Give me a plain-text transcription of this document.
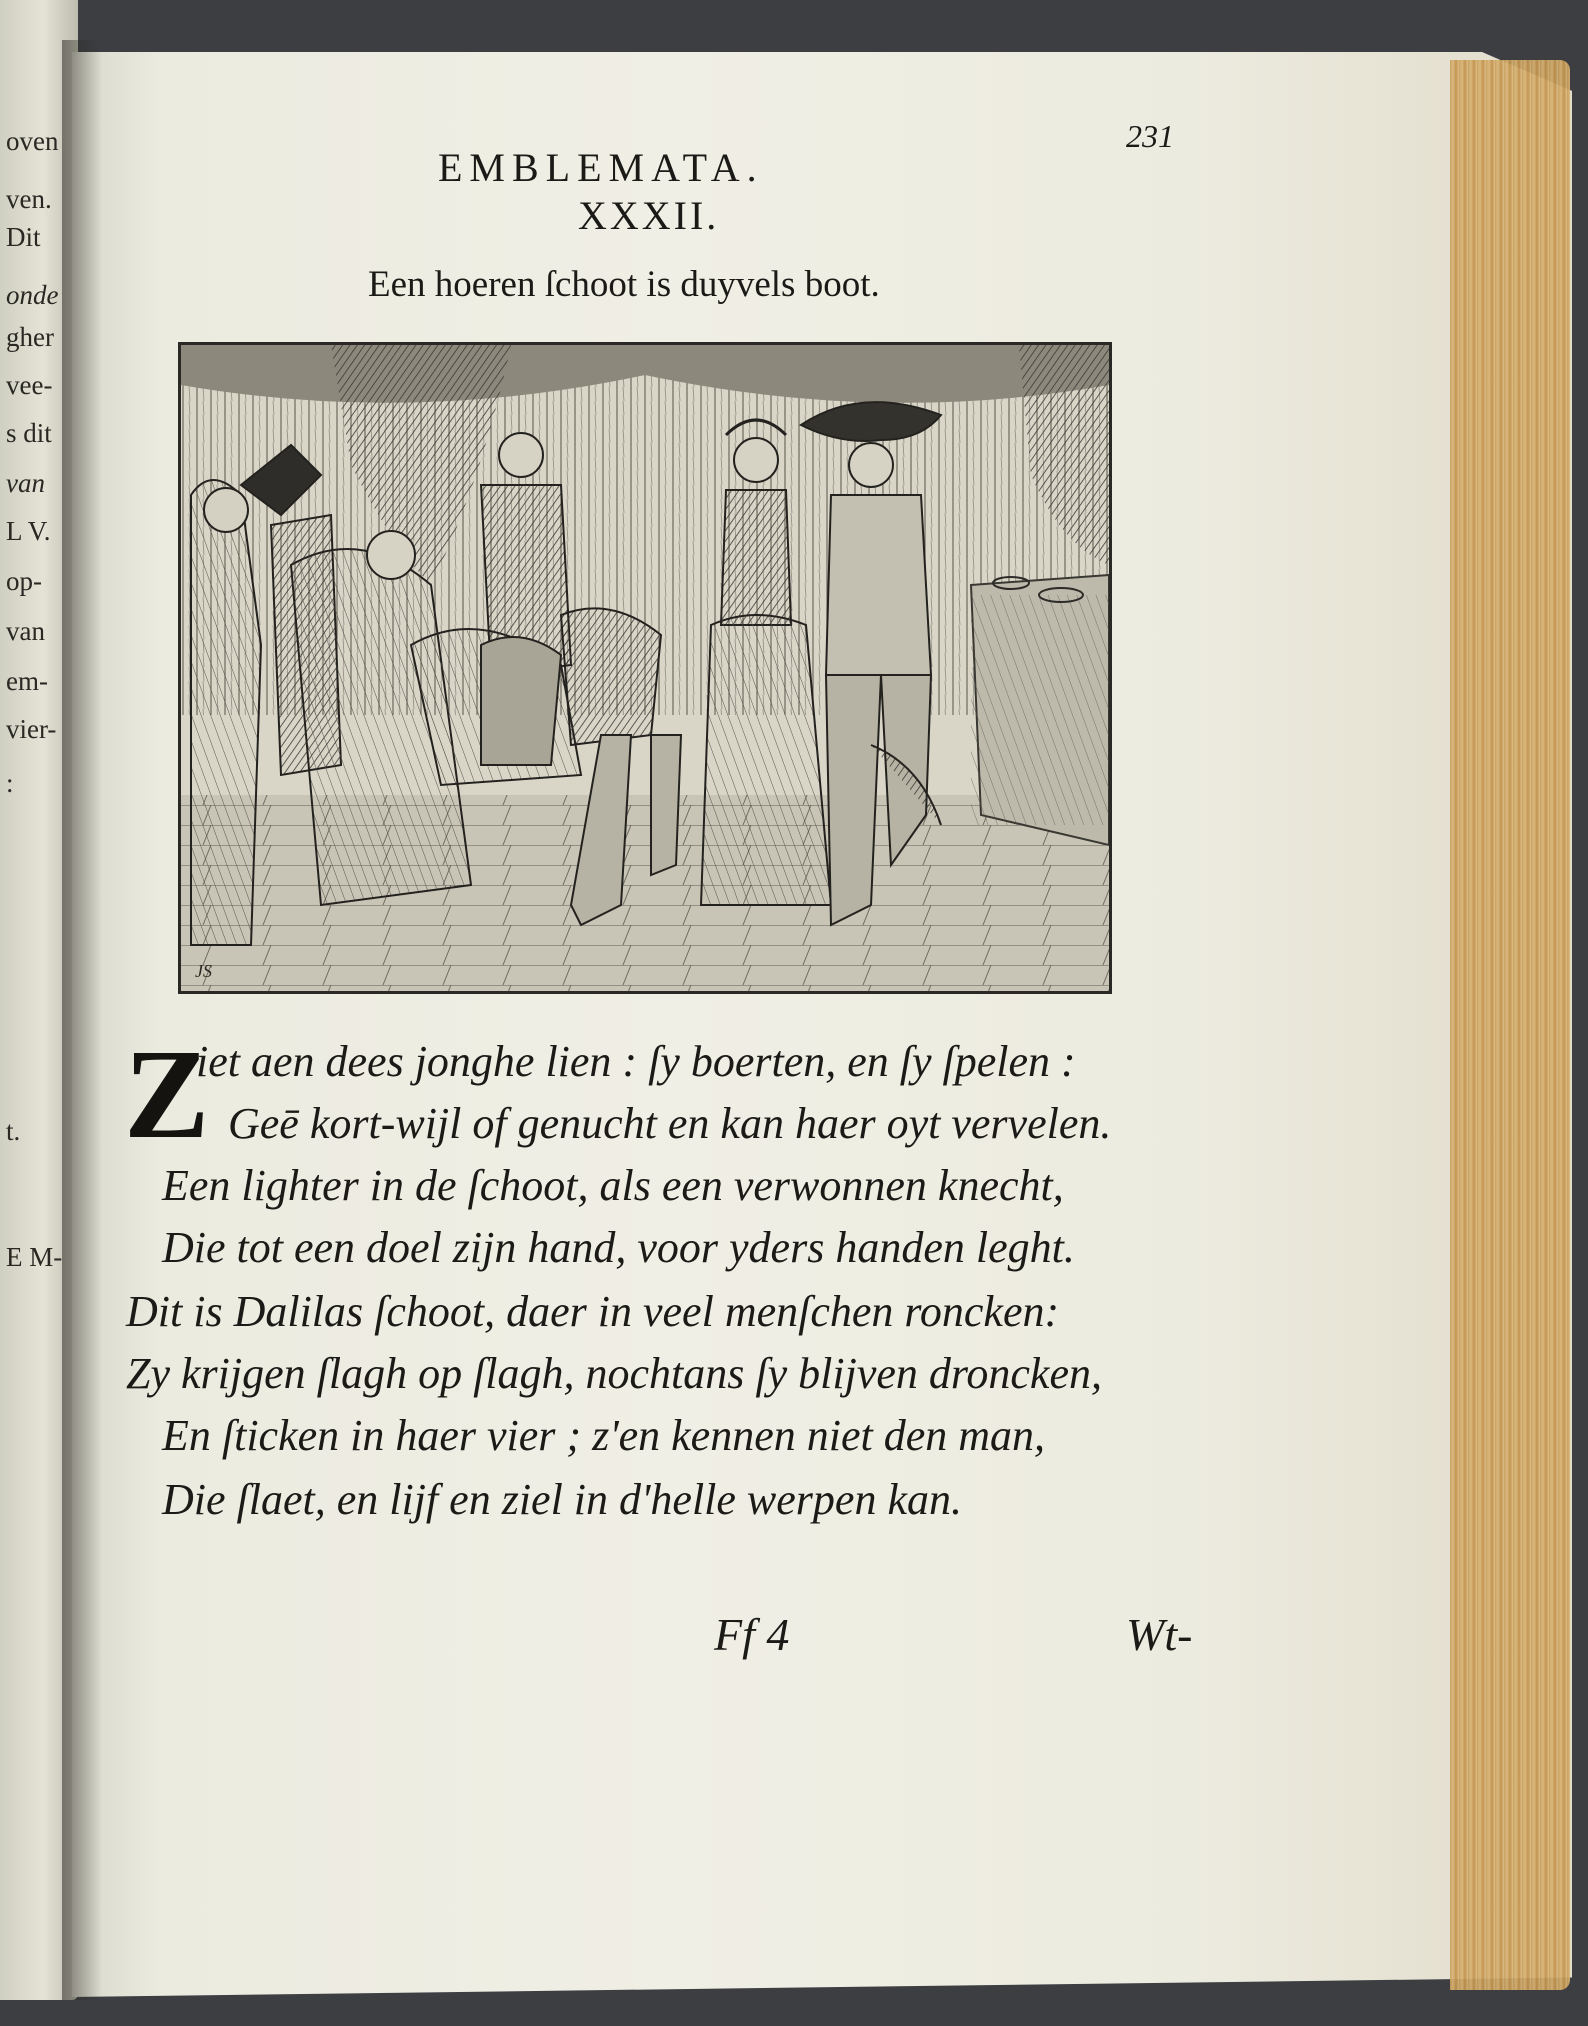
oven
ven.
Dit
onde
gher
vee-
s dit
van
L V.
op-
van
em-
vier-
:
t.
E M-
EMBLEMATA.
XXXII.
Een hoeren ſchoot is duyvels boot.
231
JS
Z
iet aen dees jonghe lien : ſy boerten, en ſy ſpelen :
Geē kort-wijl of genucht en kan haer oyt vervelen.
Een lighter in de ſchoot, als een verwonnen knecht,
Die tot een doel zijn hand, voor yders handen leght.
Dit is Dalilas ſchoot, daer in veel menſchen roncken:
Zy krijgen ſlagh op ſlagh, nochtans ſy blijven droncken,
En ſticken in haer vier ; z'en kennen niet den man,
Die ſlaet, en lijf en ziel in d'helle werpen kan.
Ff 4	Wt-
